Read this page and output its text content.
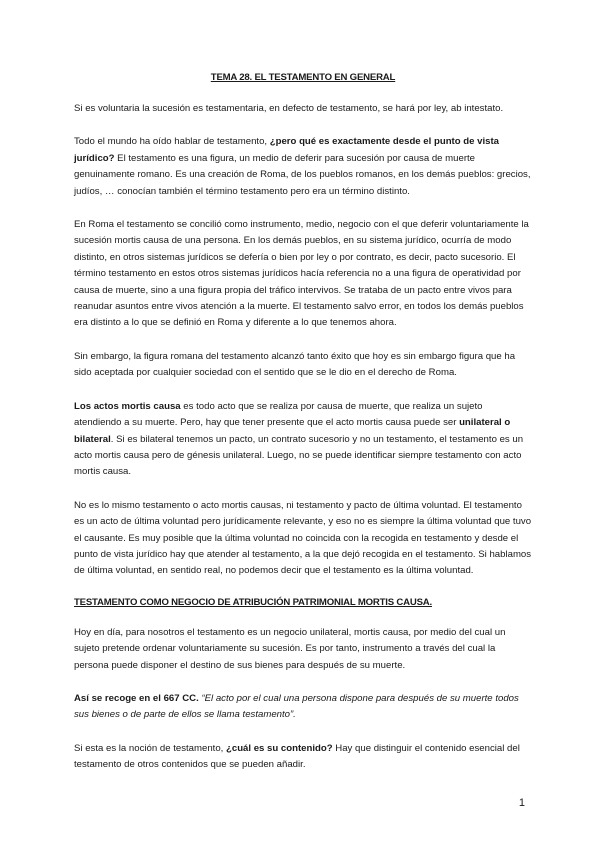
TEMA 28. EL TESTAMENTO EN GENERAL

Si es voluntaria la sucesión es testamentaria, en defecto de testamento, se hará por ley, ab intestato.

Todo el mundo ha oído hablar de testamento, ¿pero qué es exactamente desde el punto de vista jurídico? El testamento es una figura, un medio de deferir para sucesión por causa de muerte genuinamente romano. Es una creación de Roma, de los pueblos romanos, en los demás pueblos: grecios, judíos, … conocían también el término testamento pero era un término distinto.

En Roma el testamento se concilió como instrumento, medio, negocio con el que deferir voluntariamente la sucesión mortis causa de una persona. En los demás pueblos, en su sistema jurídico, ocurría de modo distinto, en otros sistemas jurídicos se defería o bien por ley o por contrato, es decir, pacto sucesorio. El término testamento en estos otros sistemas jurídicos hacía referencia no a una figura de operatividad por causa de muerte, sino a una figura propia del tráfico intervivos. Se trataba de un pacto entre vivos para reanudar asuntos entre vivos atención a la muerte. El testamento salvo error, en todos los demás pueblos era distinto a lo que se definió en Roma y diferente a lo que tenemos ahora.

Sin embargo, la figura romana del testamento alcanzó tanto éxito que hoy es sin embargo figura que ha sido aceptada por cualquier sociedad con el sentido que se le dio en el derecho de Roma.

Los actos mortis causa es todo acto que se realiza por causa de muerte, que realiza un sujeto atendiendo a su muerte. Pero, hay que tener presente que el acto mortis causa puede ser unilateral o bilateral. Si es bilateral tenemos un pacto, un contrato sucesorio y no un testamento, el testamento es un acto mortis causa pero de génesis unilateral. Luego, no se puede identificar siempre testamento con acto mortis causa.

No es lo mismo testamento o acto mortis causas, ni testamento y pacto de última voluntad. El testamento es un acto de última voluntad pero jurídicamente relevante, y eso no es siempre la última voluntad que tuvo el causante. Es muy posible que la última voluntad no coincida con la recogida en testamento y desde el punto de vista jurídico hay que atender al testamento, a la que dejó recogida en el testamento. Si hablamos de última voluntad, en sentido real, no podemos decir que el testamento es la última voluntad.

TESTAMENTO COMO NEGOCIO DE ATRIBUCIÓN PATRIMONIAL MORTIS CAUSA.

Hoy en día, para nosotros el testamento es un negocio unilateral, mortis causa, por medio del cual un sujeto pretende ordenar voluntariamente su sucesión. Es por tanto, instrumento a través del cual la persona puede disponer el destino de sus bienes para después de su muerte.

Así se recoge en el 667 CC. “El acto por el cual una persona dispone para después de su muerte todos sus bienes o de parte de ellos se llama testamento”.

Si esta es la noción de testamento, ¿cuál es su contenido? Hay que distinguir el contenido esencial del testamento de otros contenidos que se pueden añadir.

1
